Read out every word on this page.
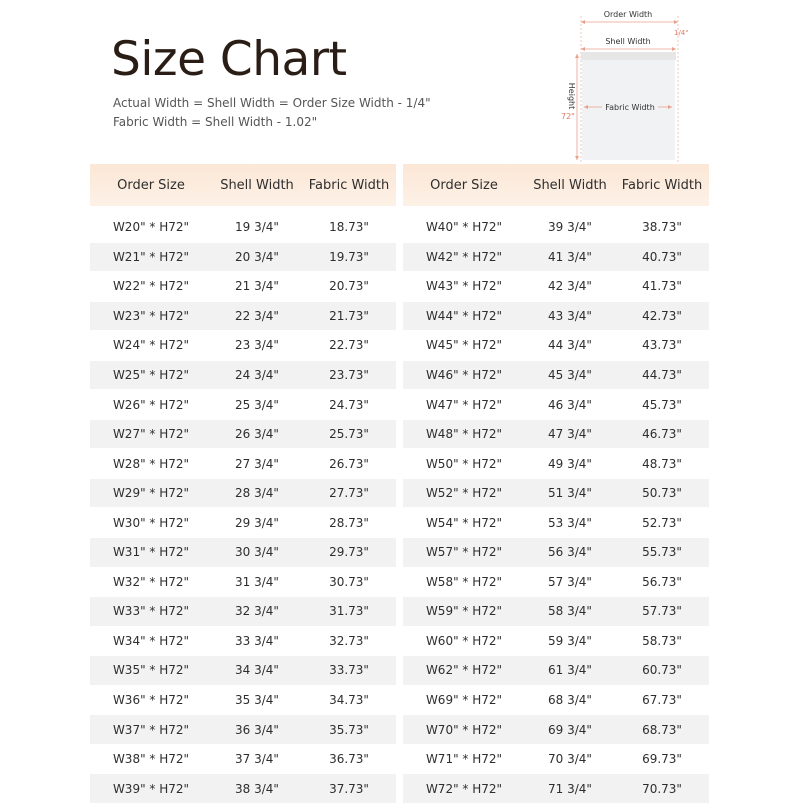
Size Chart
Actual Width = Shell Width = Order Size Width - 1/4"
Fabric Width = Shell Width - 1.02"
Order Width
1/4"
Shell Width
Height
72"
Fabric Width
Order Size	Shell Width	Fabric Width

W20" * H72"	19 3/4"	18.73"
W21" * H72"	20 3/4"	19.73"
W22" * H72"	21 3/4"	20.73"
W23" * H72"	22 3/4"	21.73"
W24" * H72"	23 3/4"	22.73"
W25" * H72"	24 3/4"	23.73"
W26" * H72"	25 3/4"	24.73"
W27" * H72"	26 3/4"	25.73"
W28" * H72"	27 3/4"	26.73"
W29" * H72"	28 3/4"	27.73"
W30" * H72"	29 3/4"	28.73"
W31" * H72"	30 3/4"	29.73"
W32" * H72"	31 3/4"	30.73"
W33" * H72"	32 3/4"	31.73"
W34" * H72"	33 3/4"	32.73"
W35" * H72"	34 3/4"	33.73"
W36" * H72"	35 3/4"	34.73"
W37" * H72"	36 3/4"	35.73"
W38" * H72"	37 3/4"	36.73"
W39" * H72"	38 3/4"	37.73"
Order Size	Shell Width	Fabric Width

W40" * H72"	39 3/4"	38.73"
W42" * H72"	41 3/4"	40.73"
W43" * H72"	42 3/4"	41.73"
W44" * H72"	43 3/4"	42.73"
W45" * H72"	44 3/4"	43.73"
W46" * H72"	45 3/4"	44.73"
W47" * H72"	46 3/4"	45.73"
W48" * H72"	47 3/4"	46.73"
W50" * H72"	49 3/4"	48.73"
W52" * H72"	51 3/4"	50.73"
W54" * H72"	53 3/4"	52.73"
W57" * H72"	56 3/4"	55.73"
W58" * H72"	57 3/4"	56.73"
W59" * H72"	58 3/4"	57.73"
W60" * H72"	59 3/4"	58.73"
W62" * H72"	61 3/4"	60.73"
W69" * H72"	68 3/4"	67.73"
W70" * H72"	69 3/4"	68.73"
W71" * H72"	70 3/4"	69.73"
W72" * H72"	71 3/4"	70.73"
